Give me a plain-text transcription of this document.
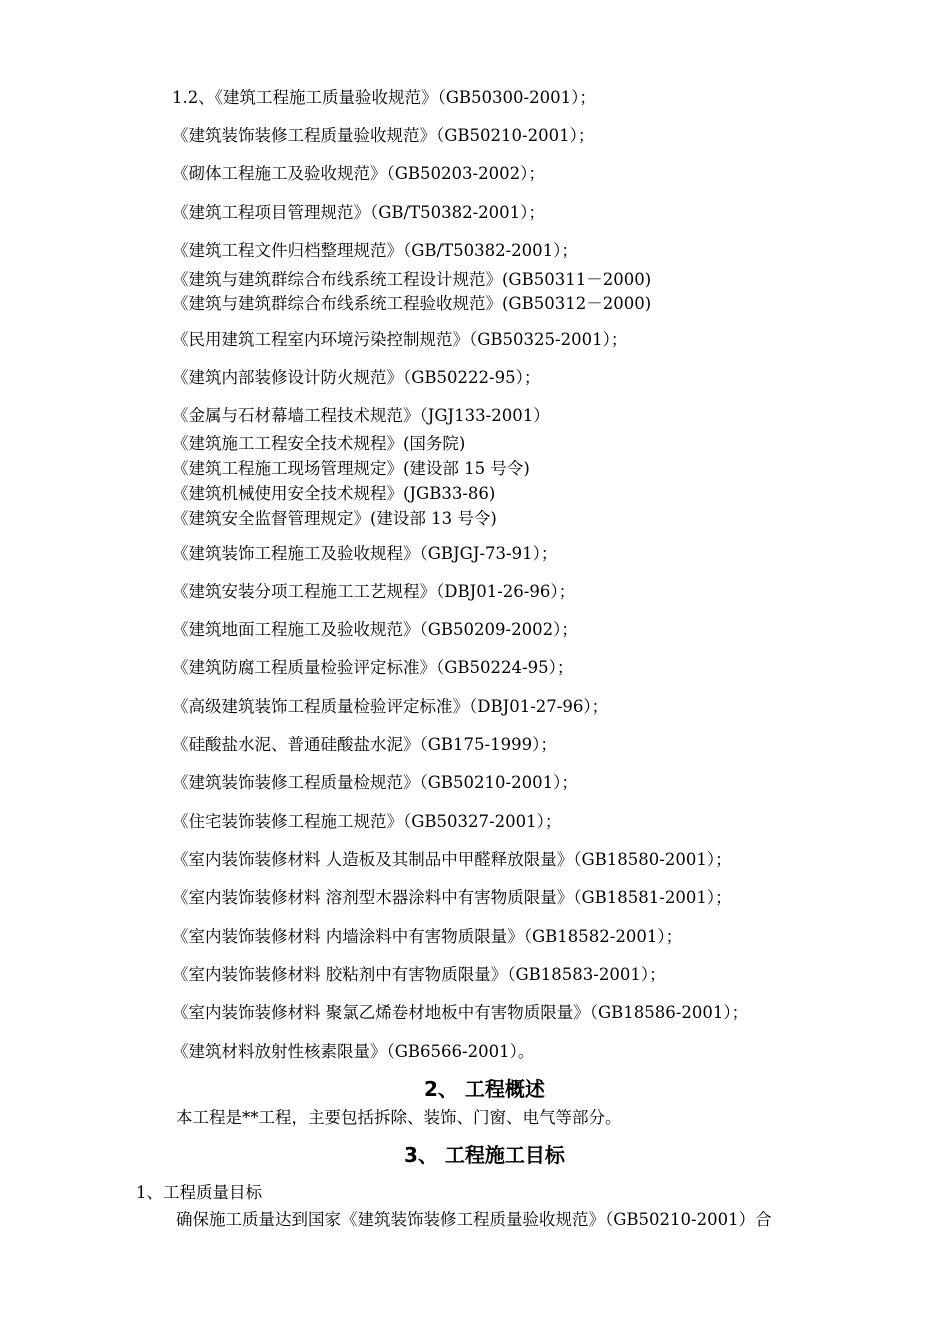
1.2、《建筑工程施工质量验收规范》（GB50300-2001）；
《建筑装饰装修工程质量验收规范》（GB50210-2001）；
《砌体工程施工及验收规范》（GB50203-2002）；
《建筑工程项目管理规范》（GB/T50382-2001）；
《建筑工程文件归档整理规范》（GB/T50382-2001）；
《建筑与建筑群综合布线系统工程设计规范》(GB50311－2000)
《建筑与建筑群综合布线系统工程验收规范》(GB50312－2000)
《民用建筑工程室内环境污染控制规范》（GB50325-2001）；
《建筑内部装修设计防火规范》（GB50222-95）；
《金属与石材幕墙工程技术规范》（JGJ133-2001）
《建筑施工工程安全技术规程》(国务院)
《建筑工程施工现场管理规定》(建设部 15 号令)
《建筑机械使用安全技术规程》(JGB33-86)
《建筑安全监督管理规定》(建设部 13 号令)
《建筑装饰工程施工及验收规程》（GBJGJ-73-91）；
《建筑安装分项工程施工工艺规程》（DBJ01-26-96）；
《建筑地面工程施工及验收规范》（GB50209-2002）；
《建筑防腐工程质量检验评定标准》（GB50224-95）；
《高级建筑装饰工程质量检验评定标准》（DBJ01-27-96）；
《硅酸盐水泥、普通硅酸盐水泥》（GB175-1999）；
《建筑装饰装修工程质量检规范》（GB50210-2001）；
《住宅装饰装修工程施工规范》（GB50327-2001）；
《室内装饰装修材料 人造板及其制品中甲醛释放限量》（GB18580-2001）；
《室内装饰装修材料 溶剂型木器涂料中有害物质限量》（GB18581-2001）；
《室内装饰装修材料 内墙涂料中有害物质限量》（GB18582-2001）；
《室内装饰装修材料 胶粘剂中有害物质限量》（GB18583-2001）；
《室内装饰装修材料 聚氯乙烯卷材地板中有害物质限量》（GB18586-2001）；
《建筑材料放射性核素限量》（GB6566-2001）。
2、 工程概述
本工程是**工程，主要包括拆除、装饰、门窗、电气等部分。
3、 工程施工目标
1、工程质量目标
确保施工质量达到国家《建筑装饰装修工程质量验收规范》（GB50210-2001）合
